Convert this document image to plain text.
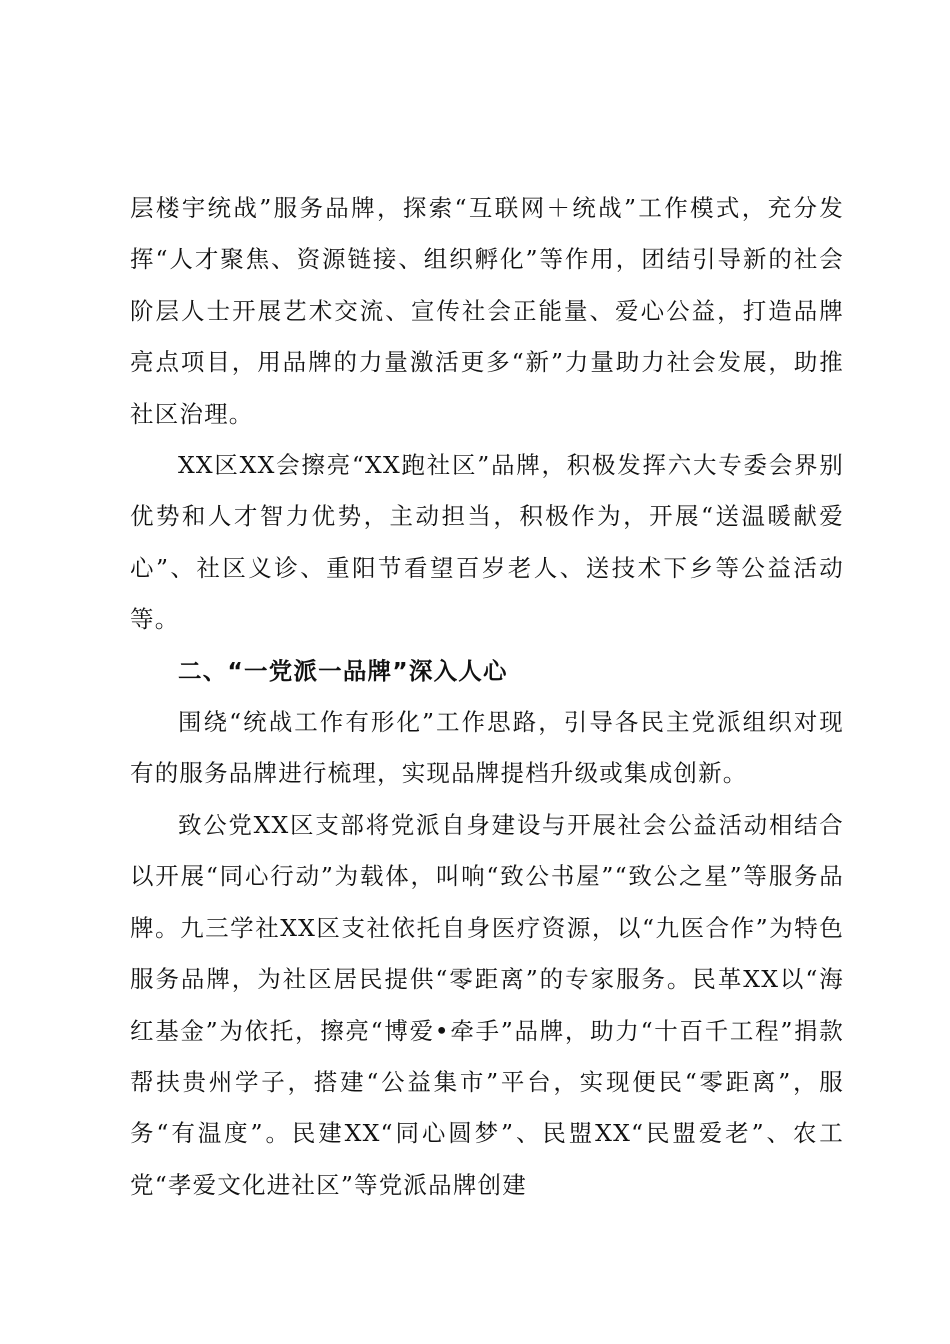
层楼宇统战”服务品牌，探索“互联网＋统战”工作模式，充分发挥“人才聚焦、资源链接、组织孵化”等作用，团结引导新的社会阶层人士开展艺术交流、宣传社会正能量、爱心公益，打造品牌亮点项目，用品牌的力量激活更多“新”力量助力社会发展，助推社区治理。

XX区XX会擦亮“XX跑社区”品牌，积极发挥六大专委会界别优势和人才智力优势，主动担当，积极作为，开展“送温暖献爱心”、社区义诊、重阳节看望百岁老人、送技术下乡等公益活动等。

二、“一党派一品牌”深入人心

围绕“统战工作有形化”工作思路，引导各民主党派组织对现有的服务品牌进行梳理，实现品牌提档升级或集成创新。

致公党XX区支部将党派自身建设与开展社会公益活动相结合以开展“同心行动”为载体，叫响“致公书屋”“致公之星”等服务品牌。九三学社XX区支社依托自身医疗资源，以“九医合作”为特色服务品牌，为社区居民提供“零距离”的专家服务。民革XX以“海红基金”为依托，擦亮“博爱•牵手”品牌，助力“十百千工程”捐款帮扶贵州学子，搭建“公益集市”平台，实现便民“零距离”，服务“有温度”。民建XX“同心圆梦”、民盟XX“民盟爱老”、农工党“孝爱文化进社区”等党派品牌创建
